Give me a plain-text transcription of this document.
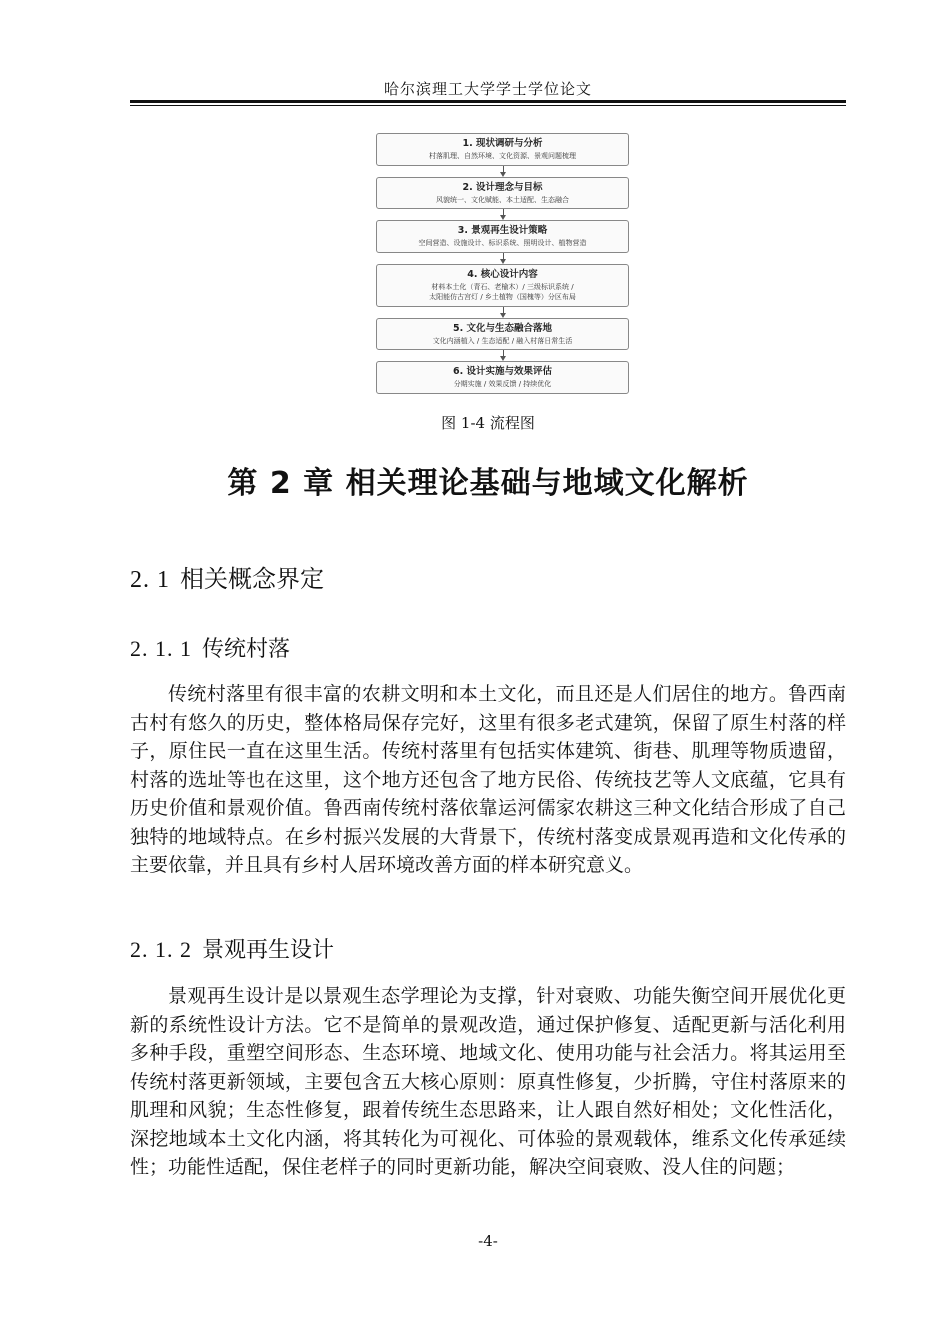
哈尔滨理工大学学士学位论文
1. 现状调研与分析
村落肌理、自然环境、文化资源、景观问题梳理
2. 设计理念与目标
风貌统一、文化赋能、本土适配、生态融合
3. 景观再生设计策略
空间营造、设施设计、标识系统、照明设计、植物营造
4. 核心设计内容
材料本土化（青石、老榆木）/ 三级标识系统 /
太阳能仿古宫灯 / 乡土植物（国槐等）分区布局
5. 文化与生态融合落地
文化内涵植入 / 生态适配 / 融入村落日常生活
6. 设计实施与效果评估
分期实施 / 效果反馈 / 持续优化
图 1-4 流程图
第 2 章 相关理论基础与地域文化解析
2. 1 相关概念界定
2. 1. 1 传统村落
传统村落里有很丰富的农耕文明和本土文化，而且还是人们居住的地方。鲁西南古村有悠久的历史，整体格局保存完好，这里有很多老式建筑，保留了原生村落的样子，原住民一直在这里生活。传统村落里有包括实体建筑、街巷、肌理等物质遗留，村落的选址等也在这里，这个地方还包含了地方民俗、传统技艺等人文底蕴，它具有历史价值和景观价值。鲁西南传统村落依靠运河儒家农耕这三种文化结合形成了自己独特的地域特点。在乡村振兴发展的大背景下，传统村落变成景观再造和文化传承的主要依靠，并且具有乡村人居环境改善方面的样本研究意义。
2. 1. 2 景观再生设计
景观再生设计是以景观生态学理论为支撑，针对衰败、功能失衡空间开展优化更新的系统性设计方法。它不是简单的景观改造，通过保护修复、适配更新与活化利用多种手段，重塑空间形态、生态环境、地域文化、使用功能与社会活力。将其运用至传统村落更新领域，主要包含五大核心原则：原真性修复，少折腾，守住村落原来的肌理和风貌；生态性修复，跟着传统生态思路来，让人跟自然好相处；文化性活化，深挖地域本土文化内涵，将其转化为可视化、可体验的景观载体，维系文化传承延续性；功能性适配，保住老样子的同时更新功能，解决空间衰败、没人住的问题；
-4-
